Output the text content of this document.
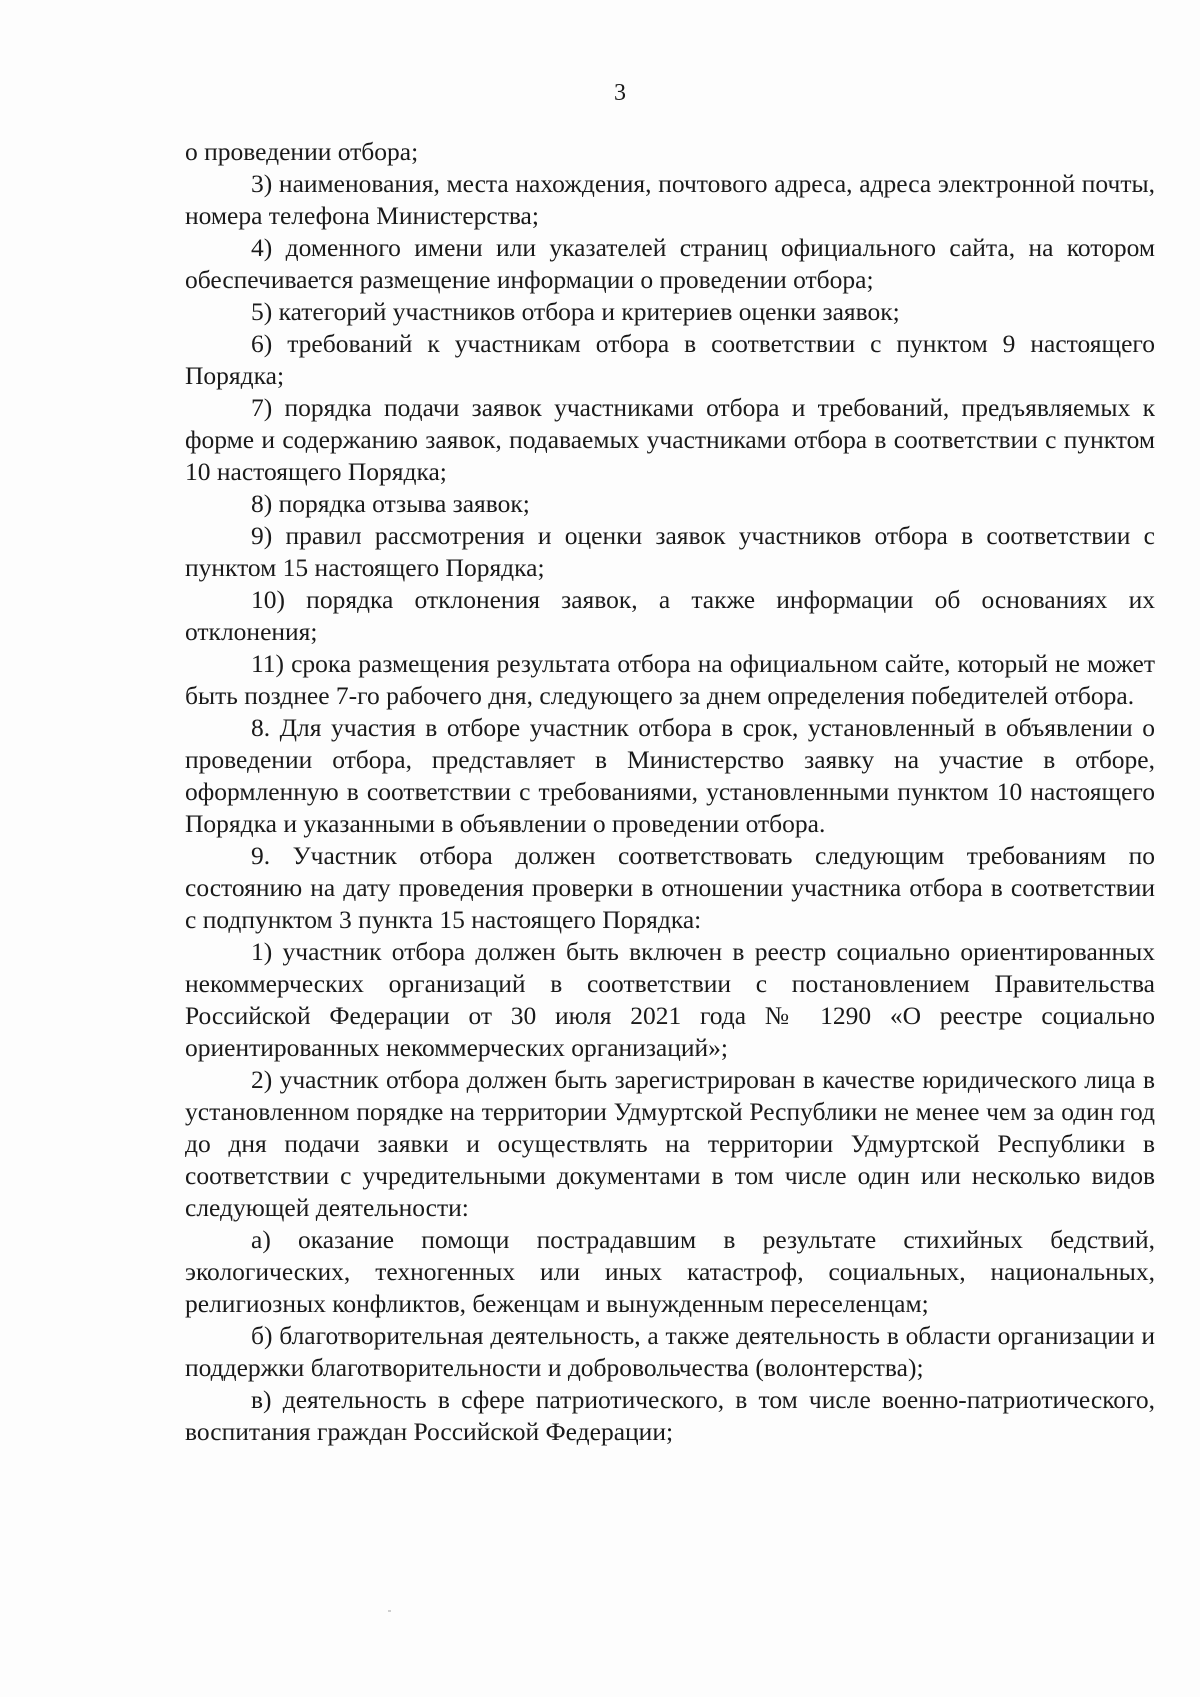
3

о проведении отбора;

3) наименования, места нахождения, почтового адреса, адреса электронной почты, номера телефона Министерства;

4) доменного имени или указателей страниц официального сайта, на котором обеспечивается размещение информации о проведении отбора;

5) категорий участников отбора и критериев оценки заявок;

6) требований к участникам отбора в соответствии с пунктом 9 настоящего Порядка;

7) порядка подачи заявок участниками отбора и требований, предъявляемых к форме и содержанию заявок, подаваемых участниками отбора в соответствии с пунктом 10 настоящего Порядка;

8) порядка отзыва заявок;

9) правил рассмотрения и оценки заявок участников отбора в соответствии с пунктом 15 настоящего Порядка;

10) порядка отклонения заявок, а также информации об основаниях их отклонения;

11) срока размещения результата отбора на официальном сайте, который не может быть позднее 7-го рабочего дня, следующего за днем определения победителей отбора.

8. Для участия в отборе участник отбора в срок, установленный в объявлении о проведении отбора, представляет в Министерство заявку на участие в отборе, оформленную в соответствии с требованиями, установленными пунктом 10 настоящего Порядка и указанными в объявлении о проведении отбора.

9. Участник отбора должен соответствовать следующим требованиям по состоянию на дату проведения проверки в отношении участника отбора в соответствии с подпунктом 3 пункта 15 настоящего Порядка:

1) участник отбора должен быть включен в реестр социально ориентированных некоммерческих организаций в соответствии с постановлением Правительства Российской Федерации от 30 июля 2021 года № 1290 «О реестре социально ориентированных некоммерческих организаций»;

2) участник отбора должен быть зарегистрирован в качестве юридического лица в установленном порядке на территории Удмуртской Республики не менее чем за один год до дня подачи заявки и осуществлять на территории Удмуртской Республики в соответствии с учредительными документами в том числе один или несколько видов следующей деятельности:

а) оказание помощи пострадавшим в результате стихийных бедствий, экологических, техногенных или иных катастроф, социальных, национальных, религиозных конфликтов, беженцам и вынужденным переселенцам;

б) благотворительная деятельность, а также деятельность в области организации и поддержки благотворительности и добровольчества (волонтерства);

в) деятельность в сфере патриотического, в том числе военно-патриотического, воспитания граждан Российской Федерации;
